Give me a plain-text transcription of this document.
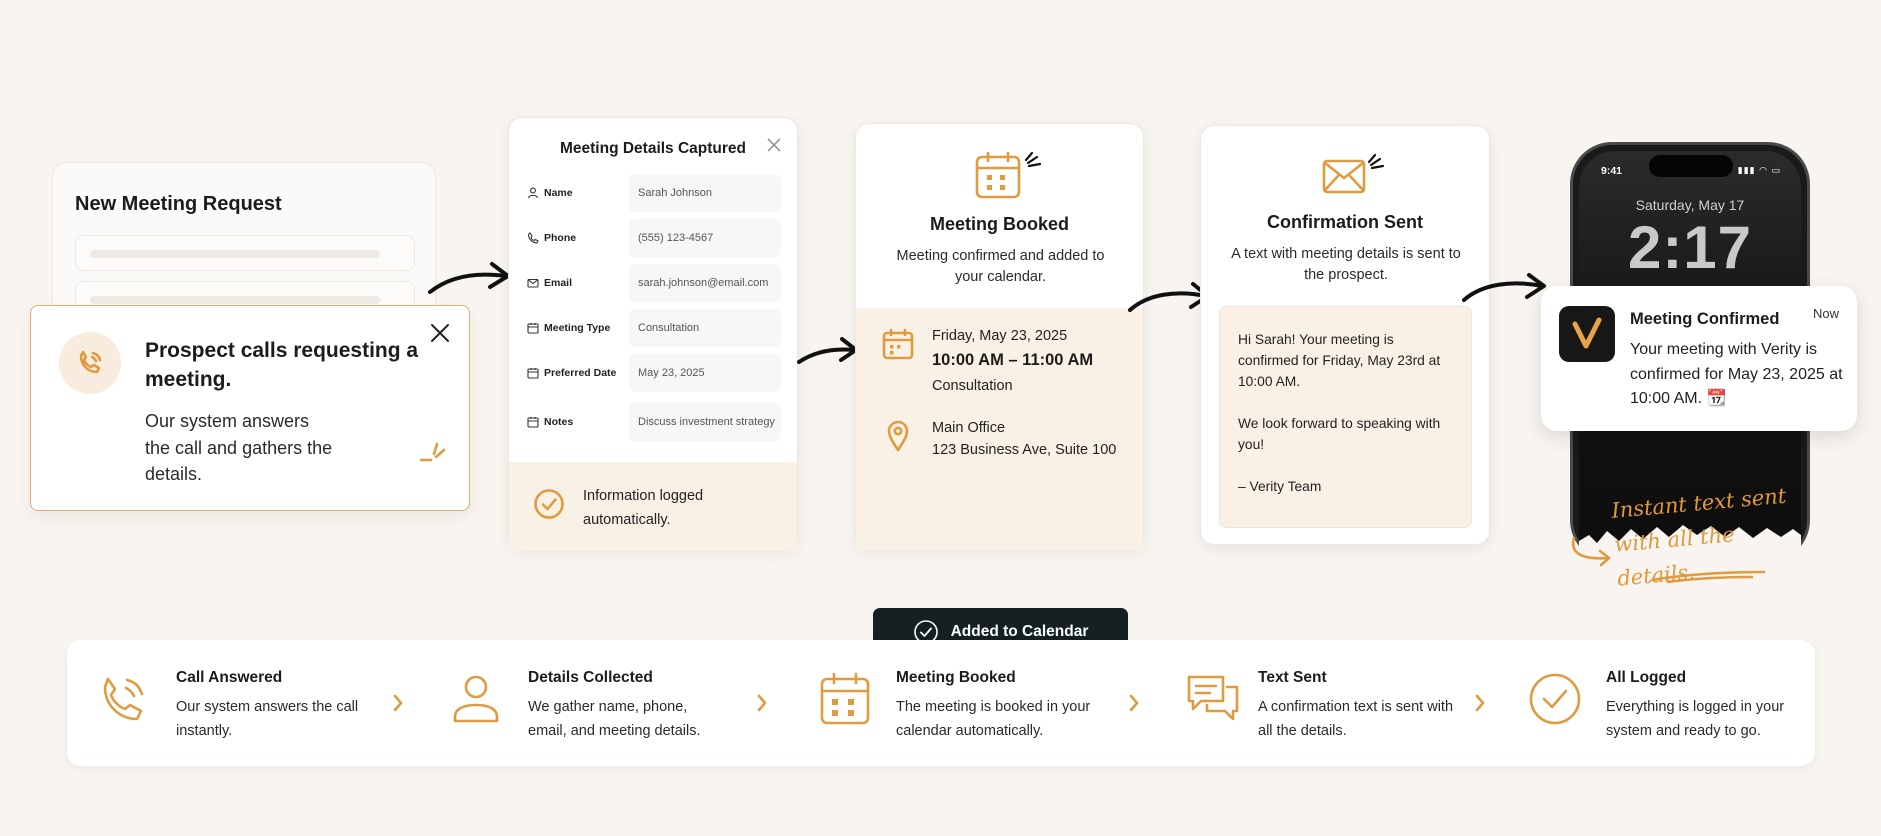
New Meeting Request
Prospect calls requesting a meeting.
Our system answers the call and gathers the details.
Meeting Details Captured
Name	Sarah Johnson
Phone	(555) 123-4567
Email	sarah.johnson@email.com
Meeting Type	Consultation
Preferred Date	May 23, 2025
Notes	Discuss investment strategy
Information logged automatically.
Meeting Booked
Meeting confirmed and added to your calendar.
Friday, May 23, 2025
10:00 AM – 11:00 AM
Consultation
Main Office
123 Business Ave, Suite 100
Added to Calendar
Confirmation Sent
A text with meeting details is sent to the prospect.

Hi Sarah! Your meeting is confirmed for Friday, May 23rd at 10:00 AM.

We look forward to speaking with you!

– Verity Team

9:41	▮▮▮ ◠ ▭
Saturday, May 17
2:17
Meeting Confirmed	Now
Your meeting with Verity is confirmed for May 23, 2025 at 10:00 AM. 📆
Instant text sent with all the details.
Call Answered
Our system answers the call instantly.
Details Collected
We gather name, phone, email, and meeting details.
Meeting Booked
The meeting is booked in your calendar automatically.
Text Sent
A confirmation text is sent with all the details.
All Logged
Everything is logged in your system and ready to go.
